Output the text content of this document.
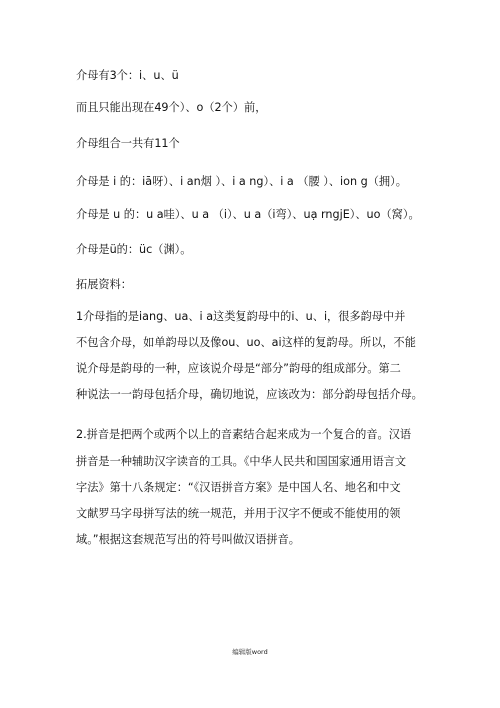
介母有3个：i、u、ü
而且只能出现在49个）、o（2个）前，
介母组合一共有11个
介母是 i 的：iā呀）、i an烟 ）、i a ng）、i a （腰 ）、ion g（拥）。
介母是 u 的：u a哇）、u a （i）、u a（i弯）、uạ rngjE）、uo（窝）。
介母是ü的：üc（渊）。
拓展资料：
1介母指的是iang、ua、i a这类复韵母中的i、u、i，很多韵母中并
不包含介母，如单韵母以及像ou、uo、ai这样的复韵母。所以，不能
说介母是韵母的一种，应该说介母是“部分”韵母的组成部分。第二
种说法一一韵母包括介母，确切地说，应该改为：部分韵母包括介母。
2.拼音是把两个或两个以上的音素结合起来成为一个复合的音。汉语
拼音是一种辅助汉字读音的工具。《中华人民共和国国家通用语言文
字法》第十八条规定：“《汉语拼音方案》是中国人名、地名和中文
文献罗马字母拼写法的统一规范，并用于汉字不便或不能使用的领
域。”根据这套规范写出的符号叫做汉语拼音。
编辑版word
